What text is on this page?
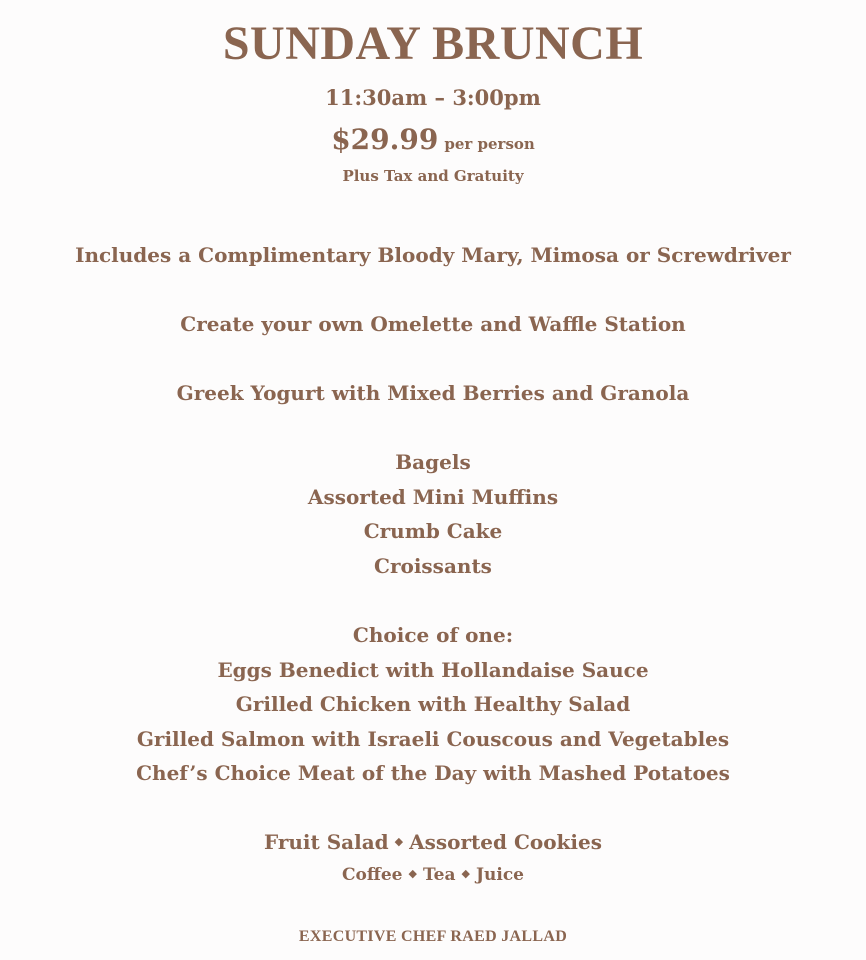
SUNDAY BRUNCH
11:30am – 3:00pm
$29.99 per person
Plus Tax and Gratuity
Includes a Complimentary Bloody Mary, Mimosa or Screwdriver
Create your own Omelette and Waffle Station
Greek Yogurt with Mixed Berries and Granola
Bagels
Assorted Mini Muffins
Crumb Cake
Croissants
Choice of one:
Eggs Benedict with Hollandaise Sauce
Grilled Chicken with Healthy Salad
Grilled Salmon with Israeli Couscous and Vegetables
Chef’s Choice Meat of the Day with Mashed Potatoes
Fruit Salad ◆ Assorted Cookies
Coffee ◆ Tea ◆ Juice
EXECUTIVE CHEF RAED JALLAD
